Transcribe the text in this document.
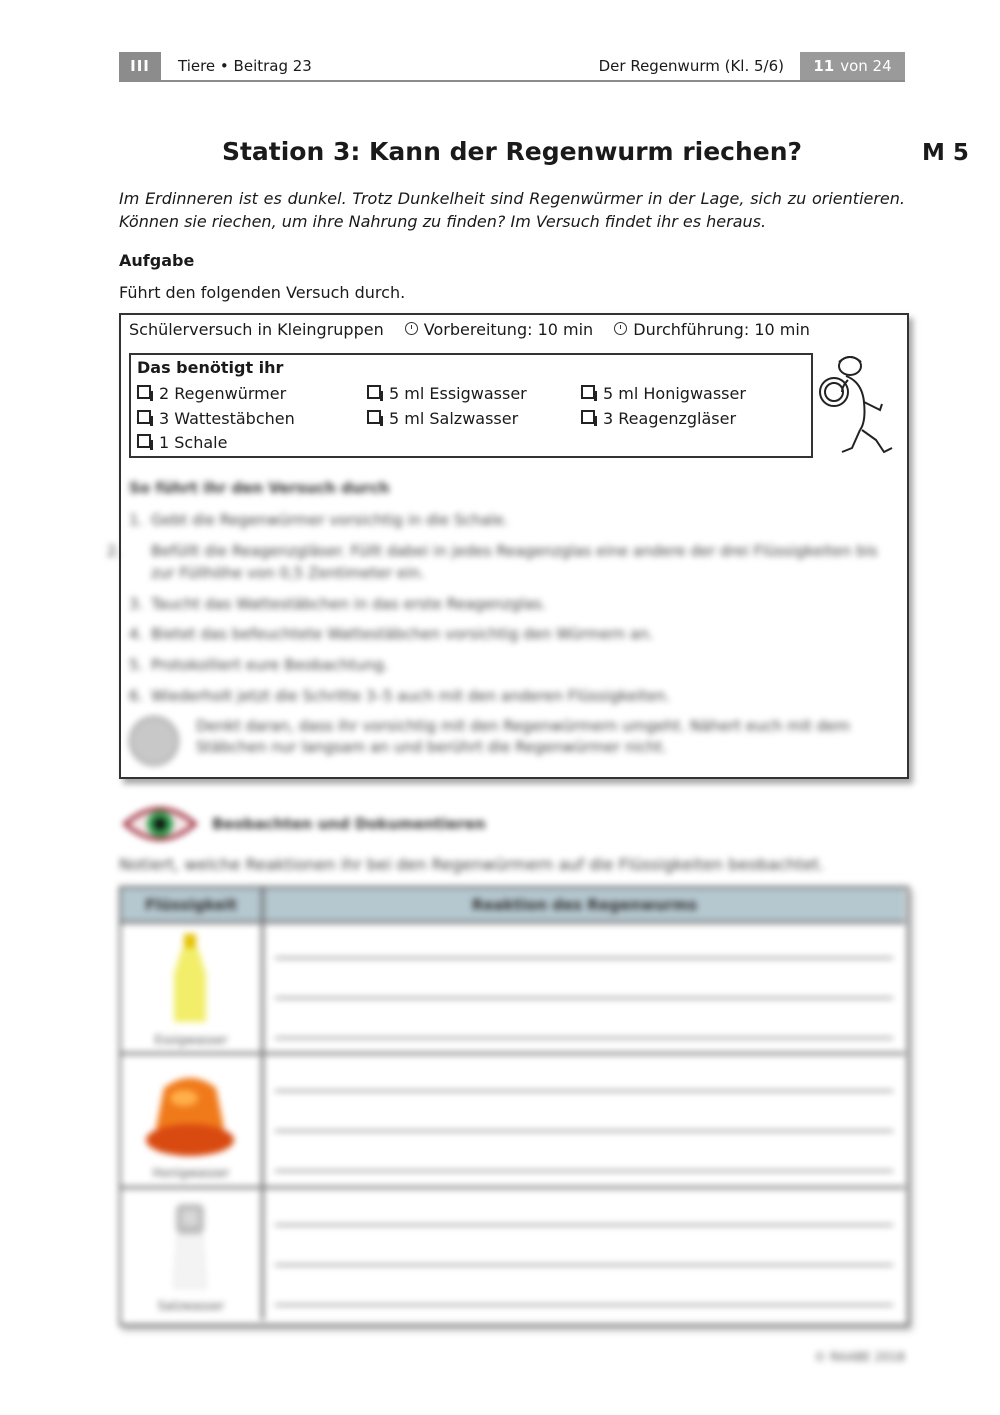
III	Tiere • Beitrag 23	Der Regenwurm (Kl. 5/6) 11 von 24
Station 3: Kann der Regenwurm riechen?	M 5
Im Erdinneren ist es dunkel. Trotz Dunkelheit sind Regenwürmer in der Lage, sich zu orientieren. Können sie riechen, um ihre Nahrung zu finden? Im Versuch findet ihr es heraus.
Aufgabe
Führt den folgenden Versuch durch.
Schülerversuch in Kleingruppen	Vorbereitung: 10 min	Durchführung: 10 min
Das benötigt ihr
2 Regenwürmer	5 ml Essigwasser	5 ml Honigwasser
3 Wattestäbchen	5 ml Salzwasser	3 Reagenzgläser
1 Schale
So führt ihr den Versuch durch
1. Gebt die Regenwürmer vorsichtig in die Schale.
2. Befüllt die Reagenzgläser. Füllt dabei in jedes Reagenzglas eine andere der drei Flüssigkeiten bis zur Füllhöhe von 0,5 Zentimeter ein.
3. Taucht das Wattestäbchen in das erste Reagenzglas.
4. Bietet das befeuchtete Wattestäbchen vorsichtig den Würmern an.
5. Protokolliert eure Beobachtung.
6. Wiederholt jetzt die Schritte 3–5 auch mit den anderen Flüssigkeiten.
Denkt daran, dass ihr vorsichtig mit den Regenwürmern umgeht. Nähert euch mit dem Stäbchen nur langsam an und berührt die Regenwürmer nicht.
Beobachten und Dokumentieren
Notiert, welche Reaktionen ihr bei den Regenwürmern auf die Flüssigkeiten beobachtet.
Flüssigkeit	Reaktion des Regenwurms
Essigwasser
Honigwasser
Salzwasser
© RAABE 2018
